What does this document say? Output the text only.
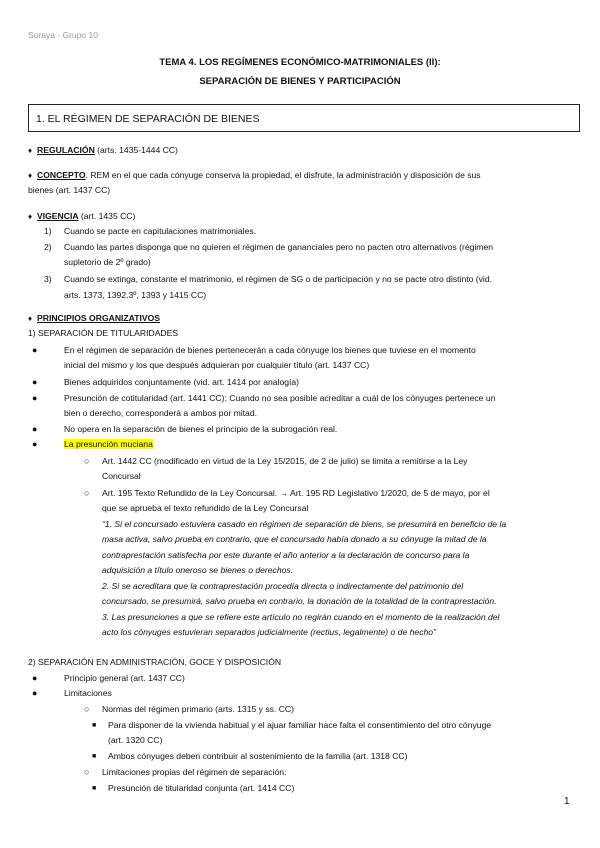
Soraya - Grupo 10
TEMA 4. LOS REGÍMENES ECONÓMICO-MATRIMONIALES (II):
SEPARACIÓN DE BIENES Y PARTICIPACIÓN
1. EL RÉGIMEN DE SEPARACIÓN DE BIENES
♦ REGULACIÓN (arts. 1435-1444 CC)
♦ CONCEPTO. REM en el que cada cónyuge conserva la propiedad, el disfrute, la administración y disposición de sus
bienes (art. 1437 CC)
♦ VIGENCIA (art. 1435 CC)
1)	Cuando se pacte en capitulaciones matrimoniales.
2)	Cuando las partes disponga que no quieren el régimen de gananciales pero no pacten otro alternativos (régimen
supletorio de 2º grado)
3)	Cuando se extinga, constante el matrimonio, el régimen de SG o de participación y no se pacte otro distinto (vid.
arts. 1373, 1392.3º, 1393 y 1415 CC)
♦ PRINCIPIOS ORGANIZATIVOS
1) SEPARACIÓN DE TITULARIDADES
●	En el régimen de separación de bienes pertenecerán a cada cónyuge los bienes que tuviese en el momento
inicial del mismo y los que después adquieran por cualquier título (art. 1437 CC)
●	Bienes adquiridos conjuntamente (vid. art. 1414 por analogía)
●	Presunción de cotitularidad (art. 1441 CC): Cuando no sea posible acreditar a cuál de los cónyuges pertenece un
bien o derecho, corresponderá a ambos por mitad.
●	No opera en la separación de bienes el principio de la subrogación real.
●	La presunción muciana
○	Art. 1442 CC (modificado en virtud de la Ley 15/2015, de 2 de julio) se limita a remitirse a la Ley
Concursal
○	Art. 195 Texto Refundido de la Ley Concursal. → Art. 195 RD Legislativo 1/2020, de 5 de mayo, por el
que se aprueba el texto refundido de la Ley Concursal
“1. Si el concursado estuviera casado en régimen de separación de biens, se presumirá en beneficio de la
masa activa, salvo prueba en contrario, que el concursado había donado a su cónyuge la mitad de la
contraprestación satisfecha por este durante el año anterior a la declaración de concurso para la
adquisición a título oneroso se bienes o derechos.
2. Si se acreditara que la contraprestación procedía directa o indirectamente del patrimonio del
concursado, se presumirá, salvo prueba en contrario, la donación de la totalidad de la contraprestación.
3. Las presunciones a que se refiere este artículo no regirán cuando en el momento de la realización del
acto los cónyuges estuvieran separados judicialmente (rectius, legalmente) o de hecho”
2) SEPARACIÓN EN ADMINISTRACIÓN, GOCE Y DISPOSICIÓN
●	Principio general (art. 1437 CC)
●	Limitaciones
○	Normas del régimen primario (arts. 1315 y ss. CC)
■	Para disponer de la vivienda habitual y el ajuar familiar hace falta el consentimiento del otro cónyuge
(art. 1320 CC)
■	Ambos cónyuges deben contribuir al sostenimiento de la familia (art. 1318 CC)
○	Limitaciones propias del régimen de separación:
■	Presunción de titularidad conjunta (art. 1414 CC)
1
